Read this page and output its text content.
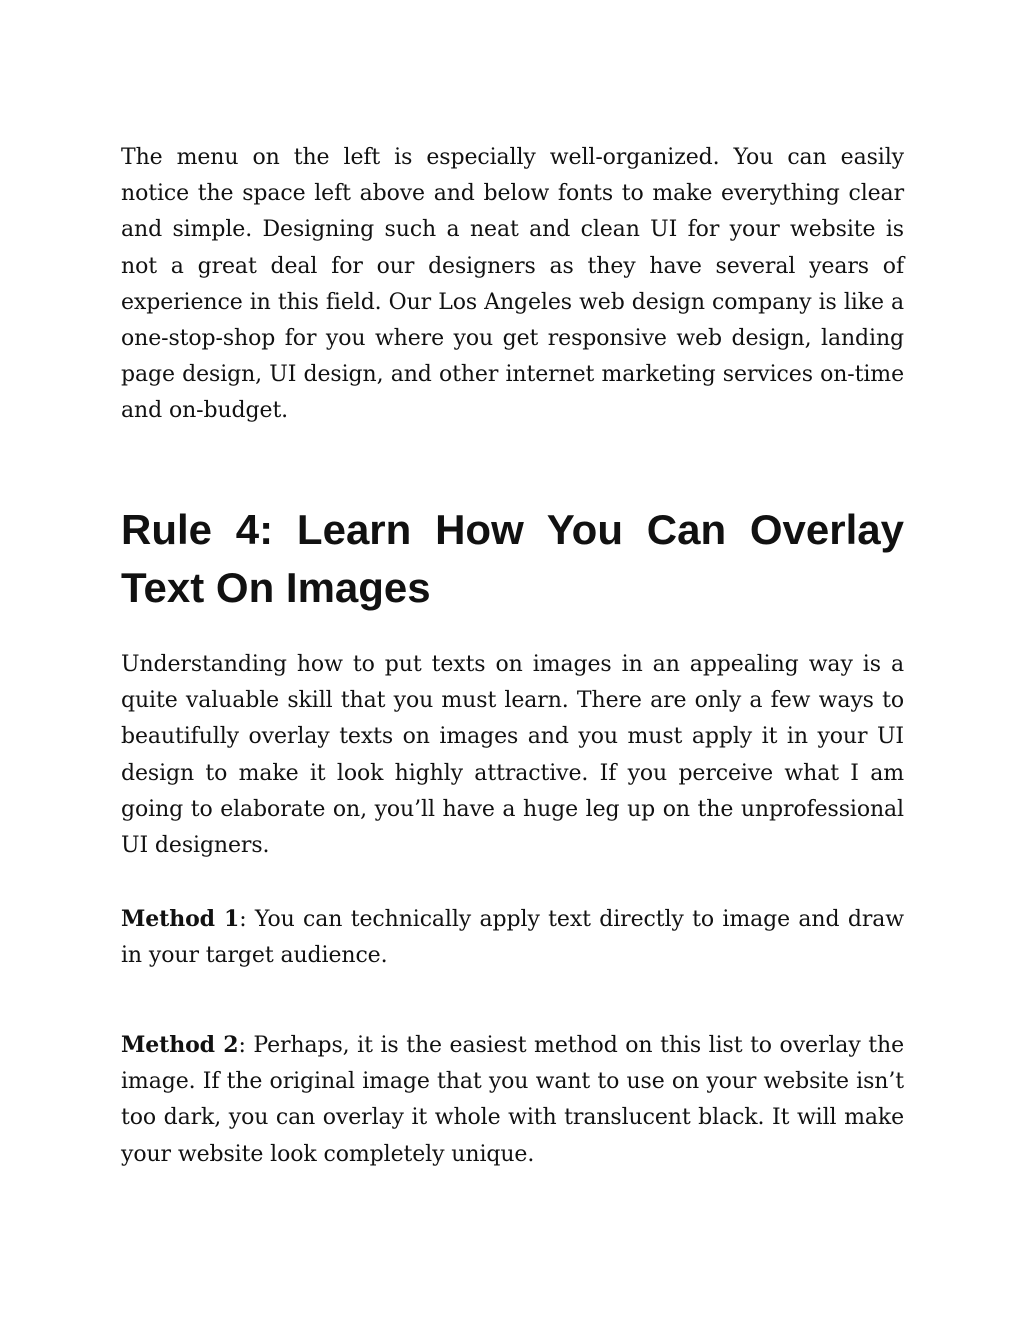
The menu on the left is especially well-organized. You can easily notice the space left above and below fonts to make everything clear and simple. Designing such a neat and clean UI for your website is not a great deal for our designers as they have several years of experience in this field. Our Los Angeles web design company is like a one-stop-shop for you where you get responsive web design, landing page design, UI design, and other internet marketing services on-time and on-budget.

Rule 4: Learn How You Can Overlay Text On Images

Understanding how to put texts on images in an appealing way is a quite valuable skill that you must learn. There are only a few ways to beautifully overlay texts on images and you must apply it in your UI design to make it look highly attractive. If you perceive what I am going to elaborate on, you’ll have a huge leg up on the unprofessional UI designers.

Method 1: You can technically apply text directly to image and draw in your target audience.

Method 2: Perhaps, it is the easiest method on this list to overlay the image. If the original image that you want to use on your website isn’t too dark, you can overlay it whole with translucent black. It will make your website look completely unique.
